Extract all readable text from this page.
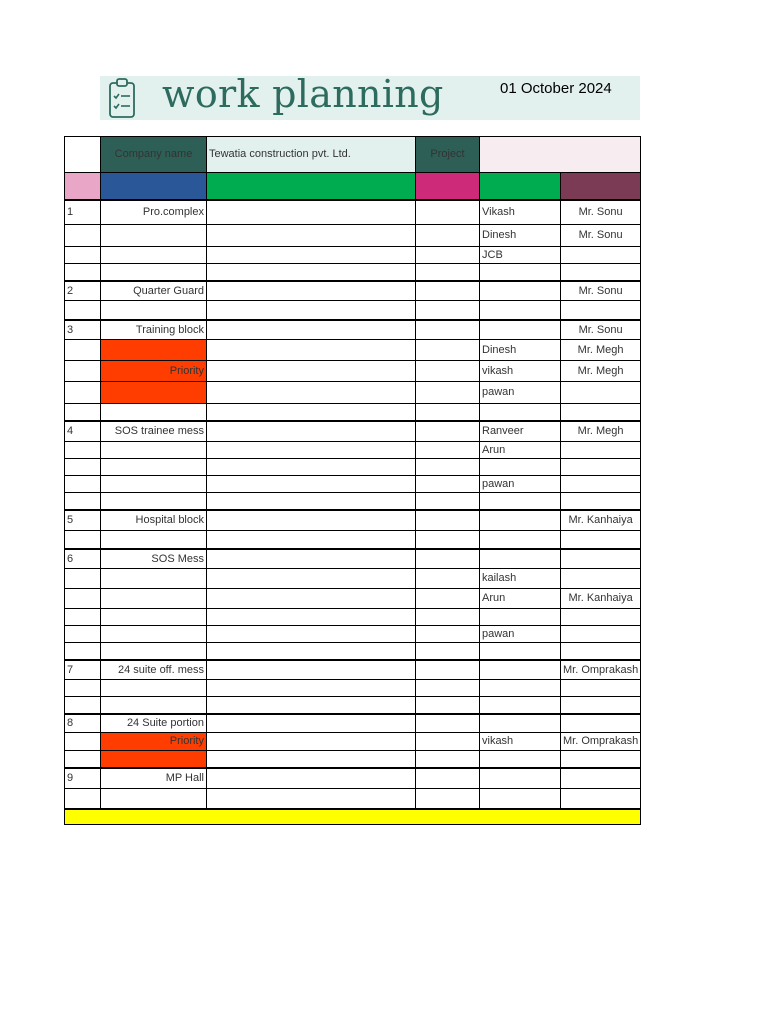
work planning	01 October 2024
	Company name	Tewatia construction pvt. Ltd.	Project		

1	Pro.complex			Vikash	Mr. Sonu
				Dinesh	Mr. Sonu
				JCB	

2	Quarter Guard				Mr. Sonu

3	Training block				Mr. Sonu
				Dinesh	Mr. Megh
	Priority			vikash	Mr. Megh
				pawan	

4	SOS trainee mess			Ranveer	Mr. Megh
				Arun	

				pawan	

5	Hospital block				Mr. Kanhaiya

6	SOS Mess				
				kailash	
				Arun	Mr. Kanhaiya

				pawan	

7	24 suite off. mess				Mr. Omprakash

8	24 Suite portion				
	Priority			vikash	Mr. Omprakash

9	MP Hall				
